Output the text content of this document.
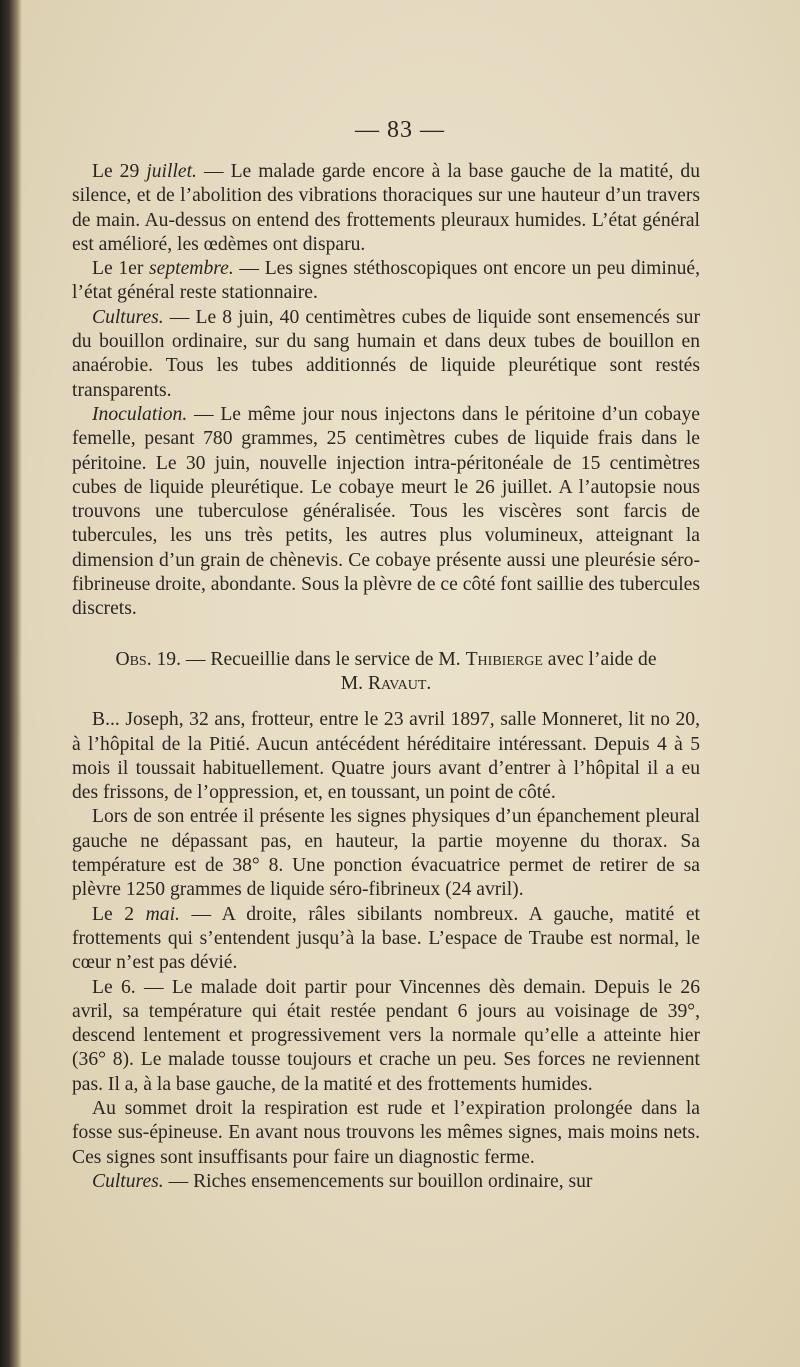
— 83 —

Le 29 juillet. — Le malade garde encore à la base gauche de la matité, du silence, et de l’abolition des vibrations thoraciques sur une hauteur d’un travers de main. Au-dessus on entend des frottements pleuraux humides. L’état général est amélioré, les œdèmes ont disparu.

Le 1er septembre. — Les signes stéthoscopiques ont encore un peu diminué, l’état général reste stationnaire.

Cultures. — Le 8 juin, 40 centimètres cubes de liquide sont ensemencés sur du bouillon ordinaire, sur du sang humain et dans deux tubes de bouillon en anaérobie. Tous les tubes additionnés de liquide pleurétique sont restés transparents.

Inoculation. — Le même jour nous injectons dans le péritoine d’un cobaye femelle, pesant 780 grammes, 25 centimètres cubes de liquide frais dans le péritoine. Le 30 juin, nouvelle injection intra-péritonéale de 15 centimètres cubes de liquide pleurétique. Le cobaye meurt le 26 juillet. A l’autopsie nous trouvons une tuberculose généralisée. Tous les viscères sont farcis de tubercules, les uns très petits, les autres plus volumineux, atteignant la dimension d’un grain de chènevis. Ce cobaye présente aussi une pleurésie séro-fibrineuse droite, abondante. Sous la plèvre de ce côté font saillie des tubercules discrets.

Obs. 19. — Recueillie dans le service de M. Thibierge avec l’aide de
M. Ravaut.

B... Joseph, 32 ans, frotteur, entre le 23 avril 1897, salle Monneret, lit no 20, à l’hôpital de la Pitié. Aucun antécédent héréditaire intéressant. Depuis 4 à 5 mois il toussait habituellement. Quatre jours avant d’entrer à l’hôpital il a eu des frissons, de l’oppression, et, en toussant, un point de côté.

Lors de son entrée il présente les signes physiques d’un épanchement pleural gauche ne dépassant pas, en hauteur, la partie moyenne du thorax. Sa température est de 38° 8. Une ponction évacuatrice permet de retirer de sa plèvre 1250 grammes de liquide séro-fibrineux (24 avril).

Le 2 mai. — A droite, râles sibilants nombreux. A gauche, matité et frottements qui s’entendent jusqu’à la base. L’espace de Traube est normal, le cœur n’est pas dévié.

Le 6. — Le malade doit partir pour Vincennes dès demain. Depuis le 26 avril, sa température qui était restée pendant 6 jours au voisinage de 39°, descend lentement et progressivement vers la normale qu’elle a atteinte hier (36° 8). Le malade tousse toujours et crache un peu. Ses forces ne reviennent pas. Il a, à la base gauche, de la matité et des frottements humides.

Au sommet droit la respiration est rude et l’expiration prolongée dans la fosse sus-épineuse. En avant nous trouvons les mêmes signes, mais moins nets. Ces signes sont insuffisants pour faire un diagnostic ferme.

Cultures. — Riches ensemencements sur bouillon ordinaire, sur
